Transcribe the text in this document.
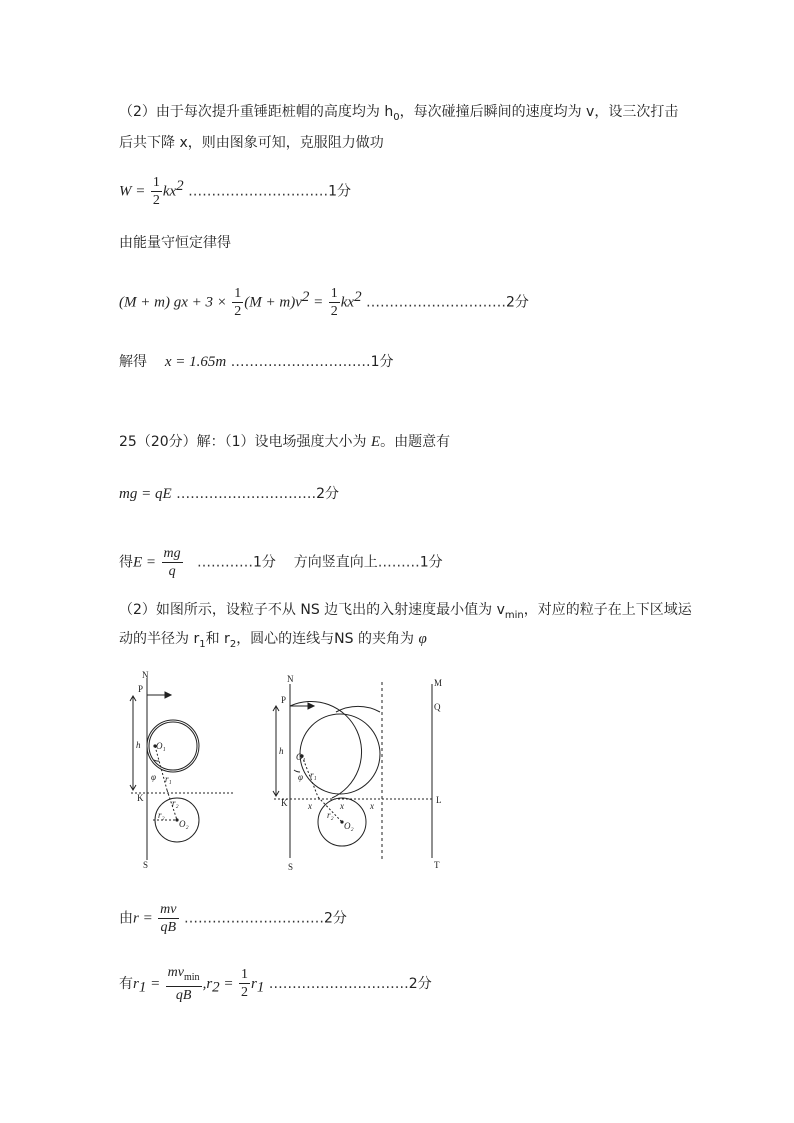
（2）由于每次提升重锤距桩帽的高度均为 $h_0$，每次碰撞后瞬间的速度均为 v，设三次打击
后共下降 x，则由图象可知，克服阻力做功
$W = \frac{1}{2} kx^2$ …………………………1分
由能量守恒定律得
(M + m) gx + $3 \times \frac{1}{2} (M + m)v^2 = \frac{1}{2} kx^2$ …………………………2分
解得 x = 1.65m …………………………1分
25（20分）解：（1）设电场强度大小为 E。由题意有
mg = qE …………………………2分
得$E = \frac{mg}{q}$ …………1分 方向竖直向上………1分
（2）如图所示，设粒子不从 NS 边飞出的入射速度最小值为 $v_{min}$，对应的粒子在上下区域运
动的半径为 $r_1$和 $r_2$，圆心的连线与NS 的夹角为 φ
N
P
h O₁
φ r₁
K	r₂
r₂
O₂
S
N
P
h
O₁
φ r₁
K x	x	x
r₂
O₂
S
M
Q
L
T
由$r = \frac{mv}{qB}$ …………………………2分
有$r_1 = \frac{mv_{min}}{qB} ,r_2 = \frac{1}{2} r_1$ …………………………2分
